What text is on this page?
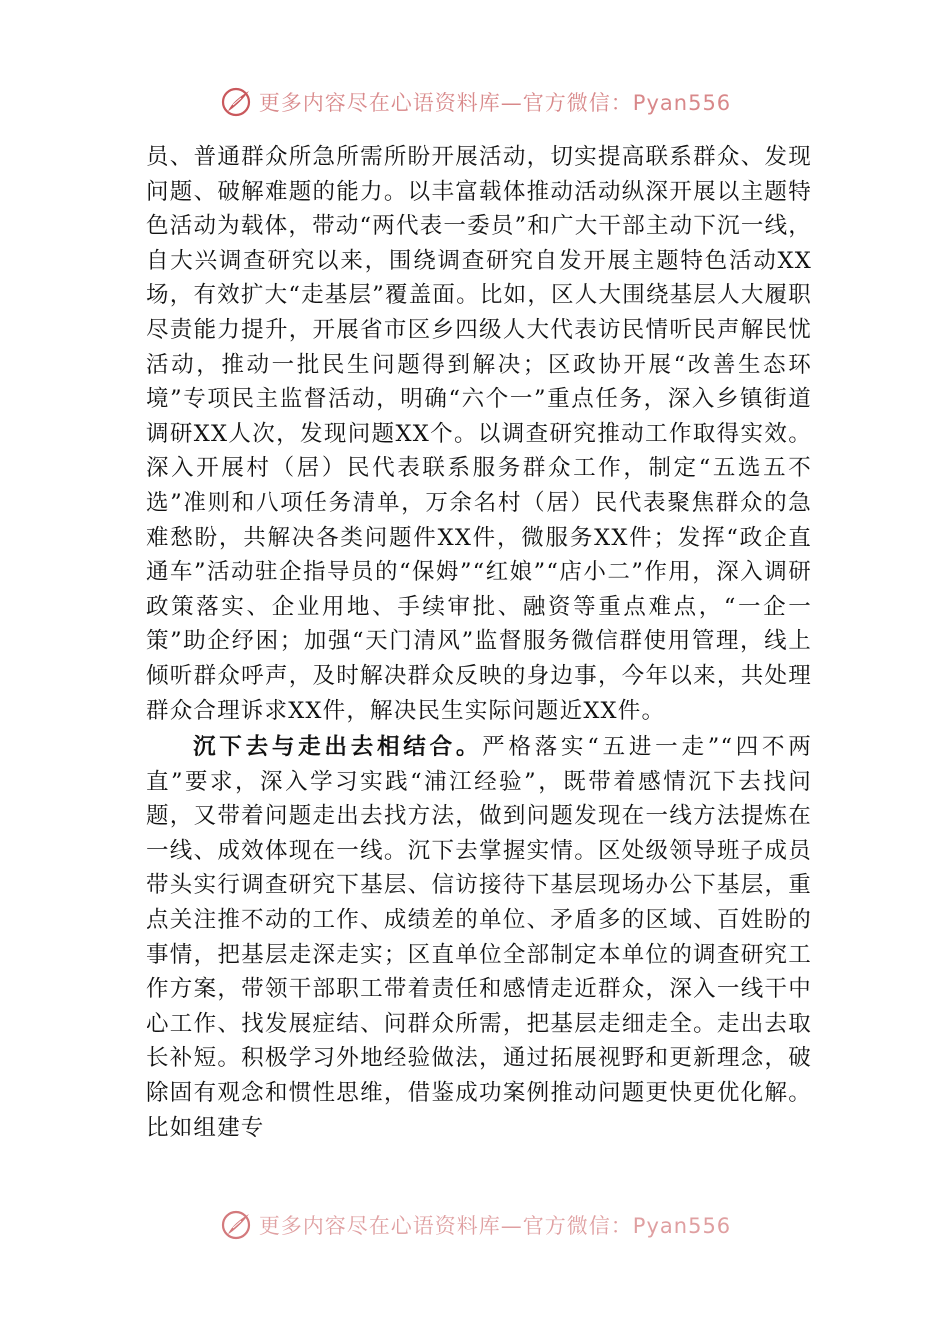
更多内容尽在心语资料库—官方微信：Pyan556

员、普通群众所急所需所盼开展活动，切实提高联系群众、发现问题、破解难题的能力。以丰富载体推动活动纵深开展以主题特色活动为载体，带动“两代表一委员”和广大干部主动下沉一线，自大兴调查研究以来，围绕调查研究自发开展主题特色活动XX场，有效扩大“走基层”覆盖面。比如，区人大围绕基层人大履职尽责能力提升，开展省市区乡四级人大代表访民情听民声解民忧活动，推动一批民生问题得到解决；区政协开展“改善生态环境”专项民主监督活动，明确“六个一”重点任务，深入乡镇街道调研XX人次，发现问题XX个。以调查研究推动工作取得实效。深入开展村（居）民代表联系服务群众工作，制定“五选五不选”准则和八项任务清单，万余名村（居）民代表聚焦群众的急难愁盼，共解决各类问题件XX件，微服务XX件；发挥“政企直通车”活动驻企指导员的“保姆”“红娘”“店小二”作用，深入调研政策落实、企业用地、手续审批、融资等重点难点，“一企一策”助企纾困；加强“天门清风”监督服务微信群使用管理，线上倾听群众呼声，及时解决群众反映的身边事，今年以来，共处理群众合理诉求XX件，解决民生实际问题近XX件。

沉下去与走出去相结合。严格落实“五进一走”“四不两直”要求，深入学习实践“浦江经验”，既带着感情沉下去找问题，又带着问题走出去找方法，做到问题发现在一线方法提炼在一线、成效体现在一线。沉下去掌握实情。区处级领导班子成员带头实行调查研究下基层、信访接待下基层现场办公下基层，重点关注推不动的工作、成绩差的单位、矛盾多的区域、百姓盼的事情，把基层走深走实；区直单位全部制定本单位的调查研究工作方案，带领干部职工带着责任和感情走近群众，深入一线干中心工作、找发展症结、问群众所需，把基层走细走全。走出去取长补短。积极学习外地经验做法，通过拓展视野和更新理念，破除固有观念和惯性思维，借鉴成功案例推动问题更快更优化解。比如组建专

更多内容尽在心语资料库—官方微信：Pyan556
